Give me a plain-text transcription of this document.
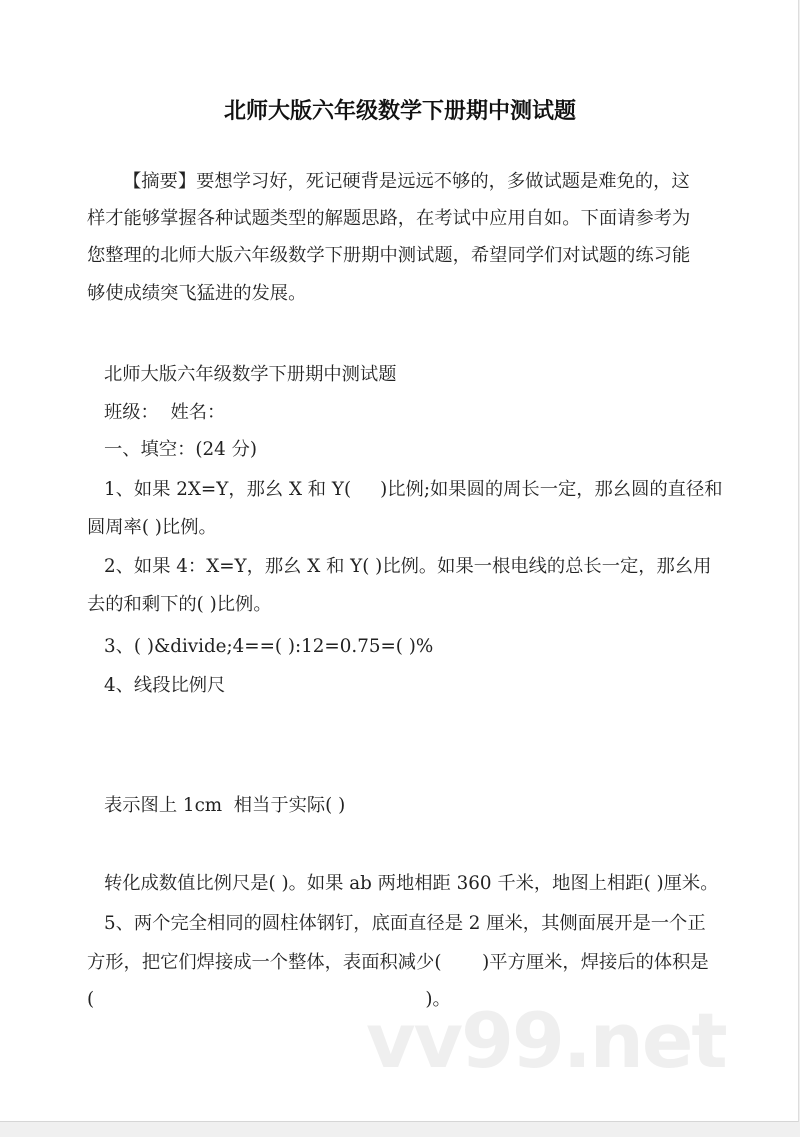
北师大版六年级数学下册期中测试题
【摘要】要想学习好，死记硬背是远远不够的，多做试题是难免的，这
样才能够掌握各种试题类型的解题思路，在考试中应用自如。下面请参考为
您整理的北师大版六年级数学下册期中测试题，希望同学们对试题的练习能
够使成绩突飞猛进的发展。
北师大版六年级数学下册期中测试题
班级：  姓名：
一、填空：(24 分)
1、如果 2X=Y，那幺 X 和 Y(     )比例;如果圆的周长一定，那幺圆的直径和
圆周率( )比例。
2、如果 4：X=Y，那幺 X 和 Y( )比例。如果一根电线的总长一定，那幺用
去的和剩下的( )比例。
3、( )&divide;4==( ):12=0.75=( )%
4、线段比例尺
表示图上 1cm  相当于实际( )
转化成数值比例尺是( )。如果 ab 两地相距 360 千米，地图上相距( )厘米。
5、两个完全相同的圆柱体钢钉，底面直径是 2 厘米，其侧面展开是一个正
方形，把它们焊接成一个整体，表面积减少(       )平方厘米，焊接后的体积是
(                                                         )。
vv99.net
